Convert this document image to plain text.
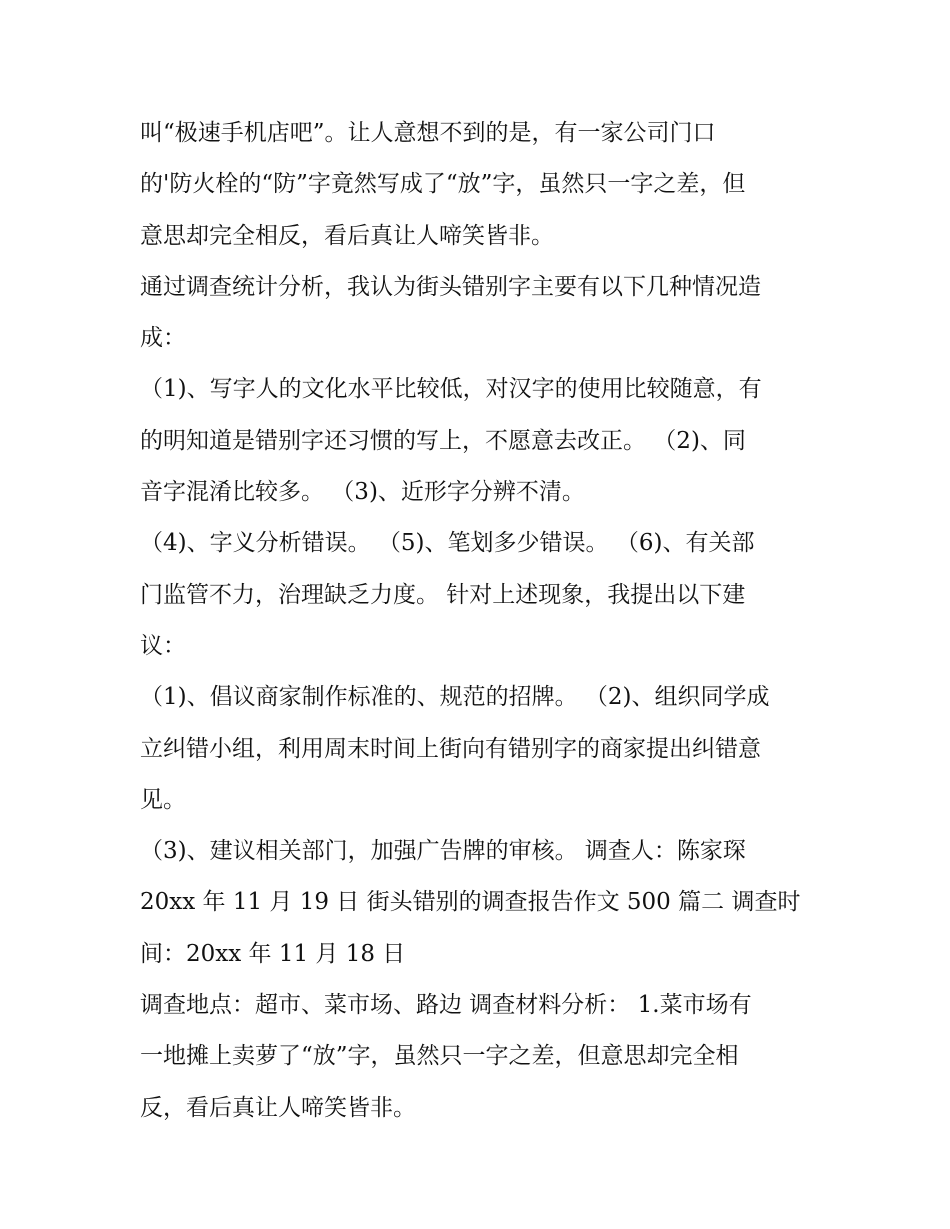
叫“极速手机店吧”。让人意想不到的是，有一家公司门口
的'防火栓的“防”字竟然写成了“放”字，虽然只一字之差，但
意思却完全相反，看后真让人啼笑皆非。
通过调查统计分析，我认为街头错别字主要有以下几种情况造
成：
（1)、写字人的文化水平比较低，对汉字的使用比较随意，有
的明知道是错别字还习惯的写上，不愿意去改正。 （2)、同
音字混淆比较多。 （3)、近形字分辨不清。
（4)、字义分析错误。 （5)、笔划多少错误。 （6)、有关部
门监管不力，治理缺乏力度。 针对上述现象，我提出以下建
议：
（1)、倡议商家制作标准的、规范的招牌。 （2)、组织同学成
立纠错小组，利用周末时间上街向有错别字的商家提出纠错意
见。
（3)、建议相关部门，加强广告牌的审核。 调查人：陈家琛
20xx 年 11 月 19 日 街头错别的调查报告作文 500 篇二 调查时
间：20xx 年 11 月 18 日
调查地点：超市、菜市场、路边 调查材料分析： 1.菜市场有
一地摊上卖萝了“放”字，虽然只一字之差，但意思却完全相
反，看后真让人啼笑皆非。
